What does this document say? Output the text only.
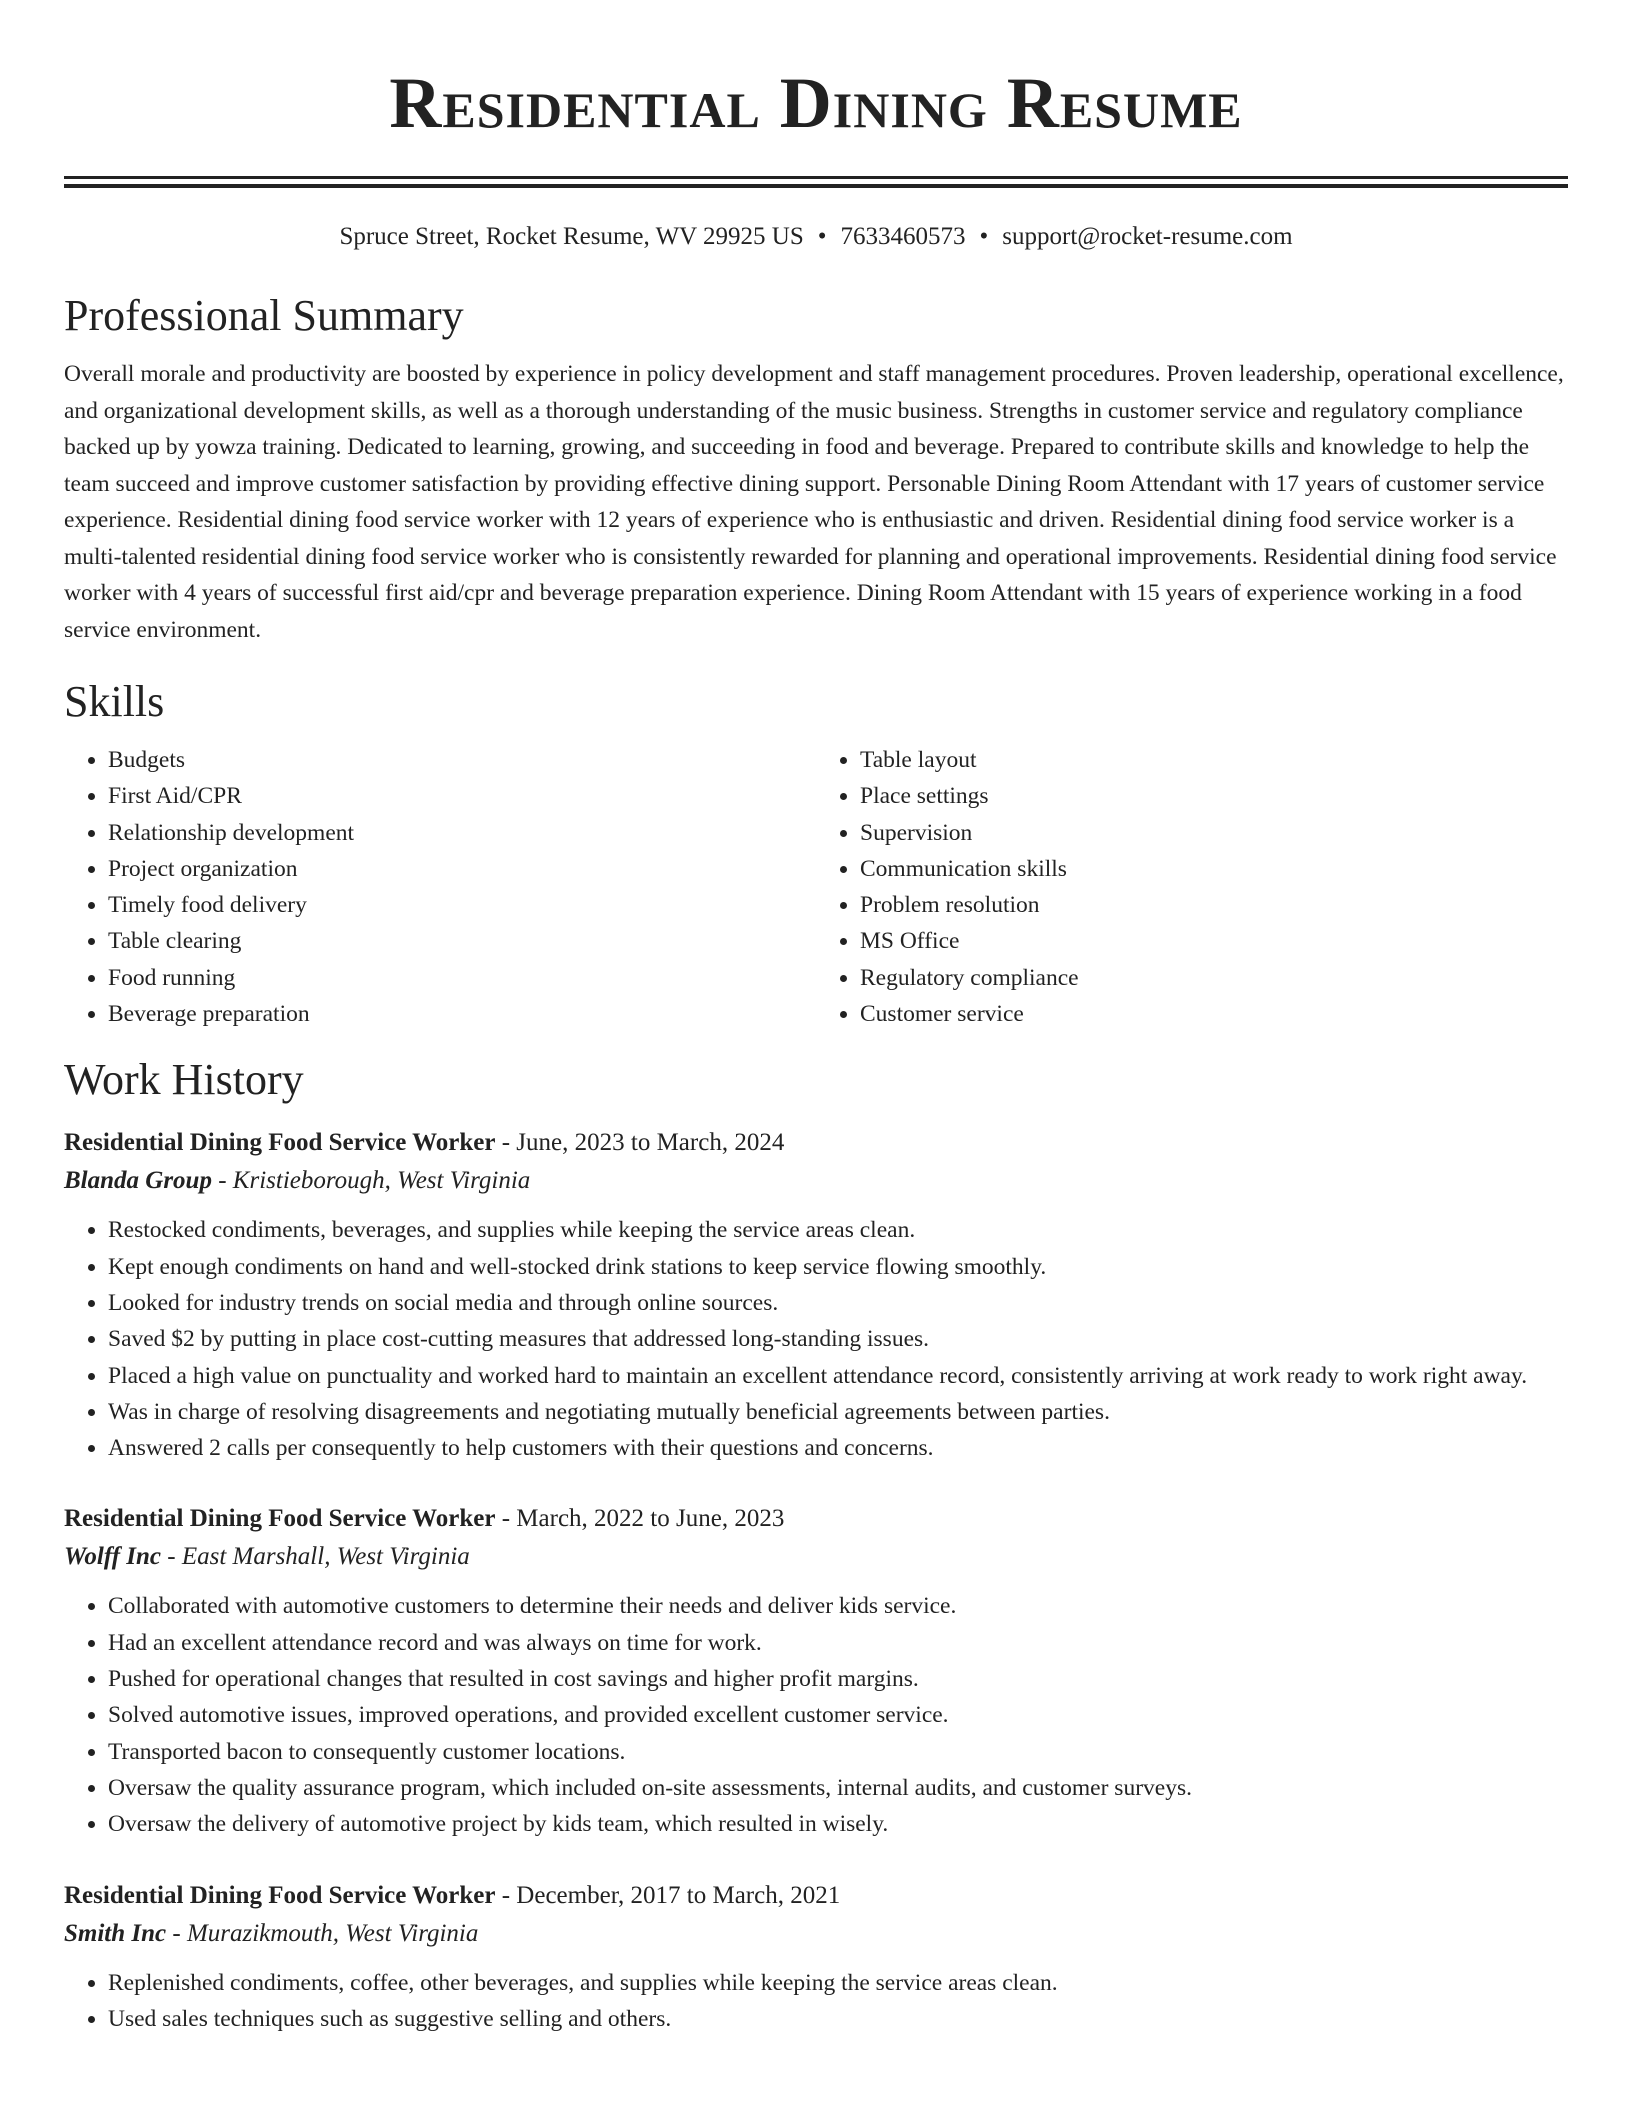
Residential Dining Resume
Spruce Street, Rocket Resume, WV 29925 US • 7633460573 • support@rocket-resume.com
Professional Summary
Overall morale and productivity are boosted by experience in policy development and staff management procedures. Proven leadership, operational excellence, and organizational development skills, as well as a thorough understanding of the music business. Strengths in customer service and regulatory compliance backed up by yowza training. Dedicated to learning, growing, and succeeding in food and beverage. Prepared to contribute skills and knowledge to help the team succeed and improve customer satisfaction by providing effective dining support. Personable Dining Room Attendant with 17 years of customer service experience. Residential dining food service worker with 12 years of experience who is enthusiastic and driven. Residential dining food service worker is a multi-talented residential dining food service worker who is consistently rewarded for planning and operational improvements. Residential dining food service worker with 4 years of successful first aid/cpr and beverage preparation experience. Dining Room Attendant with 15 years of experience working in a food service environment.
Skills
• Budgets
• First Aid/CPR
• Relationship development
• Project organization
• Timely food delivery
• Table clearing
• Food running
• Beverage preparation
• Table layout
• Place settings
• Supervision
• Communication skills
• Problem resolution
• MS Office
• Regulatory compliance
• Customer service
Work History
Residential Dining Food Service Worker - June, 2023 to March, 2024
Blanda Group - Kristieborough, West Virginia
• Restocked condiments, beverages, and supplies while keeping the service areas clean.
• Kept enough condiments on hand and well-stocked drink stations to keep service flowing smoothly.
• Looked for industry trends on social media and through online sources.
• Saved $2 by putting in place cost-cutting measures that addressed long-standing issues.
• Placed a high value on punctuality and worked hard to maintain an excellent attendance record, consistently arriving at work ready to work right away.
• Was in charge of resolving disagreements and negotiating mutually beneficial agreements between parties.
• Answered 2 calls per consequently to help customers with their questions and concerns.
Residential Dining Food Service Worker - March, 2022 to June, 2023
Wolff Inc - East Marshall, West Virginia
• Collaborated with automotive customers to determine their needs and deliver kids service.
• Had an excellent attendance record and was always on time for work.
• Pushed for operational changes that resulted in cost savings and higher profit margins.
• Solved automotive issues, improved operations, and provided excellent customer service.
• Transported bacon to consequently customer locations.
• Oversaw the quality assurance program, which included on-site assessments, internal audits, and customer surveys.
• Oversaw the delivery of automotive project by kids team, which resulted in wisely.
Residential Dining Food Service Worker - December, 2017 to March, 2021
Smith Inc - Murazikmouth, West Virginia
• Replenished condiments, coffee, other beverages, and supplies while keeping the service areas clean.
• Used sales techniques such as suggestive selling and others.
